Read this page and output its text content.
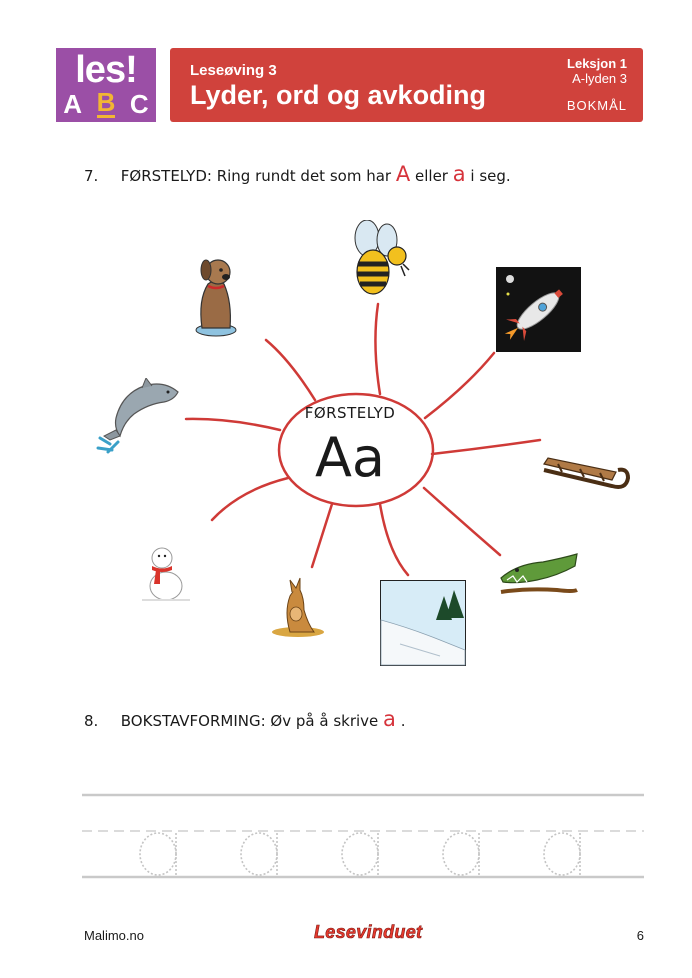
les!
A B C
Leseøving 3
Lyder, ord og avkoding
Leksjon 1
A-lyden 3
BOKMÅL
7. FØRSTELYD: Ring rundt det som har A eller a i seg.
FØRSTELYD
Aa
8. BOKSTAVFORMING: Øv på å skrive a .
Malimo.no	Lesevinduet	6
